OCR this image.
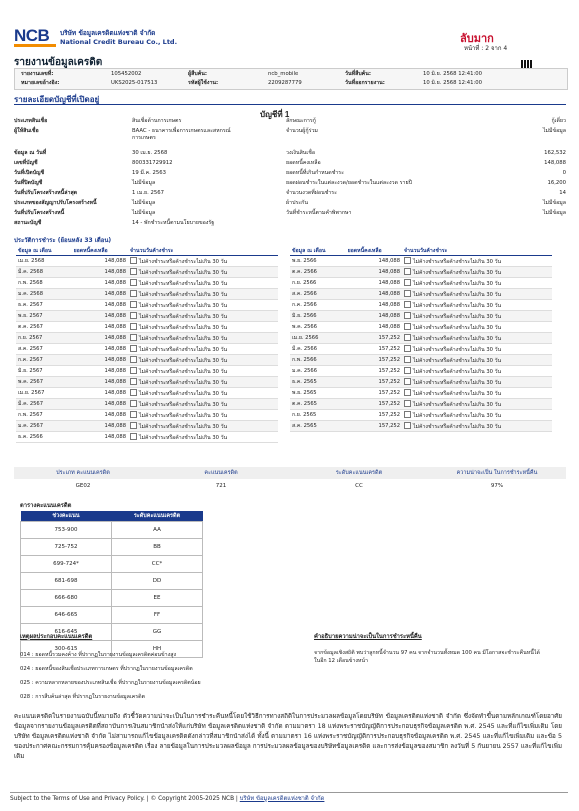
NCB	บริษัท ข้อมูลเครดิตแห่งชาติ จำกัด
National Credit Bureau Co., Ltd.	ลับมาก
หน้าที่ : 2 จาก 4
รายงานข้อมูลเครดิต
รายงานเลขที่:	105452002
หมายเลขอ้างอิง:	UKS2025-017513
ผู้สืบค้น:	ncb_mobile
รหัสผู้ใช้งาน:	2209287779
วันที่สืบค้น:	10 มิ.ย. 2568 12:41:00
วันที่ออกรายงาน:	10 มิ.ย. 2568 12:41:00
รายละเอียดบัญชีที่เปิดอยู่
บัญชีที่ 1
ประเภทสินเชื่อ	สินเชื่อด้านการเกษตร
ผู้ให้สินเชื่อ	BAAC - ธนาคารเพื่อการเกษตรและสหกรณ์การเกษตร
ข้อมูล ณ วันที่	30 เม.ย. 2568
เลขที่บัญชี	800331729912
วันที่เปิดบัญชี	19 มี.ค. 2563
วันที่ปิดบัญชี	ไม่มีข้อมูล
วันที่ปรับโครงสร้างหนี้ล่าสุด	1 เม.ย. 2567
ประเภทของสัญญาปรับโครงสร้างหนี้	ไม่มีข้อมูล
วันที่ปรับโครงสร้างหนี้	ไม่มีข้อมูล
สถานะบัญชี	14 - พักชำระหนี้ตามนโยบายของรัฐ
ลักษณะการกู้	กู้เดี่ยว
จำนวนผู้กู้ร่วม	ไม่มีข้อมูล
วงเงินสินเชื่อ	162,532
ยอดหนี้คงเหลือ	148,088
ยอดหนี้ที่เกินกำหนดชำระ	0
ยอดผ่อนชำระในแต่ละงวด/ยอดชำระในแต่ละงวด รายปี	16,200
จำนวนงวดที่ผ่อนชำระ	14
ผ้าประกัน	ไม่มีข้อมูล
วันที่ชำระหนี้ตามคำพิพากษา	ไม่มีข้อมูล
ประวัติการชำระ (ย้อนหลัง 33 เดือน)
ข้อมูล ณ เดือน	ยอดหนี้คงเหลือ	จำนวนวันค้างชำระ
เม.ย. 2568	148,088	ไม่ค้างชำระหรือค้างชำระไม่เกิน 30 วัน
มี.ค. 2568	148,088	ไม่ค้างชำระหรือค้างชำระไม่เกิน 30 วัน
ก.พ. 2568	148,088	ไม่ค้างชำระหรือค้างชำระไม่เกิน 30 วัน
ม.ค. 2568	148,088	ไม่ค้างชำระหรือค้างชำระไม่เกิน 30 วัน
ธ.ค. 2567	148,088	ไม่ค้างชำระหรือค้างชำระไม่เกิน 30 วัน
พ.ย. 2567	148,088	ไม่ค้างชำระหรือค้างชำระไม่เกิน 30 วัน
ต.ค. 2567	148,088	ไม่ค้างชำระหรือค้างชำระไม่เกิน 30 วัน
ก.ย. 2567	148,088	ไม่ค้างชำระหรือค้างชำระไม่เกิน 30 วัน
ส.ค. 2567	148,088	ไม่ค้างชำระหรือค้างชำระไม่เกิน 30 วัน
ก.ค. 2567	148,088	ไม่ค้างชำระหรือค้างชำระไม่เกิน 30 วัน
มิ.ย. 2567	148,088	ไม่ค้างชำระหรือค้างชำระไม่เกิน 30 วัน
พ.ค. 2567	148,088	ไม่ค้างชำระหรือค้างชำระไม่เกิน 30 วัน
เม.ย. 2567	148,088	ไม่ค้างชำระหรือค้างชำระไม่เกิน 30 วัน
มี.ค. 2567	148,088	ไม่ค้างชำระหรือค้างชำระไม่เกิน 30 วัน
ก.พ. 2567	148,088	ไม่ค้างชำระหรือค้างชำระไม่เกิน 30 วัน
ม.ค. 2567	148,088	ไม่ค้างชำระหรือค้างชำระไม่เกิน 30 วัน
ธ.ค. 2566	148,088	ไม่ค้างชำระหรือค้างชำระไม่เกิน 30 วัน
ข้อมูล ณ เดือน	ยอดหนี้คงเหลือ	จำนวนวันค้างชำระ
พ.ย. 2566	148,088	ไม่ค้างชำระหรือค้างชำระไม่เกิน 30 วัน
ต.ค. 2566	148,088	ไม่ค้างชำระหรือค้างชำระไม่เกิน 30 วัน
ก.ย. 2566	148,088	ไม่ค้างชำระหรือค้างชำระไม่เกิน 30 วัน
ส.ค. 2566	148,088	ไม่ค้างชำระหรือค้างชำระไม่เกิน 30 วัน
ก.ค. 2566	148,088	ไม่ค้างชำระหรือค้างชำระไม่เกิน 30 วัน
มิ.ย. 2566	148,088	ไม่ค้างชำระหรือค้างชำระไม่เกิน 30 วัน
พ.ค. 2566	148,088	ไม่ค้างชำระหรือค้างชำระไม่เกิน 30 วัน
เม.ย. 2566	157,252	ไม่ค้างชำระหรือค้างชำระไม่เกิน 30 วัน
มี.ค. 2566	157,252	ไม่ค้างชำระหรือค้างชำระไม่เกิน 30 วัน
ก.พ. 2566	157,252	ไม่ค้างชำระหรือค้างชำระไม่เกิน 30 วัน
ม.ค. 2566	157,252	ไม่ค้างชำระหรือค้างชำระไม่เกิน 30 วัน
ธ.ค. 2565	157,252	ไม่ค้างชำระหรือค้างชำระไม่เกิน 30 วัน
พ.ย. 2565	157,252	ไม่ค้างชำระหรือค้างชำระไม่เกิน 30 วัน
ต.ค. 2565	157,252	ไม่ค้างชำระหรือค้างชำระไม่เกิน 30 วัน
ก.ย. 2565	157,252	ไม่ค้างชำระหรือค้างชำระไม่เกิน 30 วัน
ส.ค. 2565	157,252	ไม่ค้างชำระหรือค้างชำระไม่เกิน 30 วัน
ประเภท คะแนนเครดิต	คะแนนเครดิต	ระดับคะแนนเครดิต	ความน่าจะเป็น ในการชำระหนี้คืน
GE02	721	CC	97%
ตารางคะแนนเครดิต
ช่วงคะแนน	ระดับคะแนนเครดิต
753-900	AA
725-752	BB
699-724*	CC*
681-698	DD
666-680	EE
646-665	FF
616-645	GG
300-615	HH
เหตุผลประกอบคะแนนเครดิต
014 : ยอดหนี้รวมคงค้าง ที่ปรากฏในรายงานข้อมูลเครดิตค่อนข้างสูง
024 : ยอดหนี้ของสินเชื่อประเภทการเกษตร ที่ปรากฏในรายงานข้อมูลเครดิต
025 : ความหลากหลายของประเภทสินเชื่อ ที่ปรากฏในรายงานข้อมูลเครดิตน้อย
028 : การสืบค้นล่าสุด ที่ปรากฏในรายงานข้อมูลเครดิต
คำอธิบายความน่าจะเป็นในการชำระหนี้คืน
จากข้อมูลเชิงสถิติ พบว่าลูกหนี้จำนวน 97 คน จากจำนวนทั้งหมด 100 คน มีโอกาสจะชำระคืนหนี้ได้ในอีก 12 เดือนข้างหน้า
คะแนนเครดิตในรายงานฉบับนี้หมายถึง ตัวชี้วัดความน่าจะเป็นในการชำระคืนหนี้โดยใช้วิธีการทางสถิติในการประมวลผลข้อมูลโดยบริษัท ข้อมูลเครดิตแห่งชาติ จำกัด ซึ่งจัดทำขึ้นตามหลักเกณฑ์โดยอาศัยข้อมูลจากรายงานข้อมูลเครดิตที่สถาบันการเงินสมาชิกนำส่งให้แก่บริษัท ข้อมูลเครดิตแห่งชาติ จำกัด ตามมาตรา 18 แห่งพระราชบัญญัติการประกอบธุรกิจข้อมูลเครดิต พ.ศ. 2545 และที่แก้ไขเพิ่มเติม โดยบริษัท ข้อมูลเครดิตแห่งชาติ จำกัด ไม่สามารถแก้ไขข้อมูลเครดิตดังกล่าวที่สมาชิกนำส่งได้ ทั้งนี้ ตามมาตรา 16 แห่งพระราชบัญญัติการประกอบธุรกิจข้อมูลเครดิต พ.ศ. 2545 และที่แก้ไขเพิ่มเติม และข้อ 5 ของประกาศคณะกรรมการคุ้มครองข้อมูลเครดิต เรื่อง ลายข้อมูลในการประมวลผลข้อมูล การประมวลผลข้อมูลของบริษัทข้อมูลเครดิต และการส่งข้อมูลของสมาชิก ลงวันที่ 5 กันยายน 2557 และที่แก้ไขเพิ่มเติม
Subject to the Terms of Use and Privacy Policy. | © Copyright 2005-2025 NCB | บริษัท ข้อมูลเครดิตแห่งชาติ จำกัด
